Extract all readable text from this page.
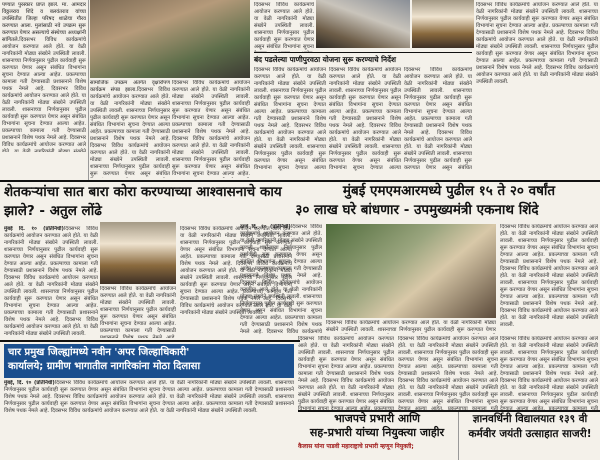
पण्यात पुरस्कार प्राप्त झाले. मा. आमदार विठ्ठलराव शिंदे व बलवंतराव यांच्या उपस्थितीत जिल्हा परिषद शाळेचा गौरव करण्यात आला. मुलांसाठी नवे उपक्रम सुरू करण्यात येणार असल्याचे संस्थेच्या अध्यक्षांनी सांगितले. दिवसभर विविध कार्यक्रमांचे आयोजन करण्यात आले होते. या वेळी नागरिकांनी मोठ्या संख्येने उपस्थिती लावली. शासनाच्या निर्णयानुसार पुढील कार्यवाही सुरू करण्यात येणार असून संबंधित विभागांना सूचना देण्यात आल्या आहेत. प्रकल्पाच्या कामाला गती देण्यासाठी प्रशासनाने विशेष पथक नेमले आहे. दिवसभर विविध कार्यक्रमांचे आयोजन करण्यात आले होते. या वेळी नागरिकांनी मोठ्या संख्येने उपस्थिती लावली. शासनाच्या निर्णयानुसार पुढील कार्यवाही सुरू करण्यात येणार असून संबंधित विभागांना सूचना देण्यात आल्या आहेत. प्रकल्पाच्या कामाला गती देण्यासाठी प्रशासनाने विशेष पथक नेमले आहे. दिवसभर विविध कार्यक्रमांचे आयोजन करण्यात आले होते. या वेळी नागरिकांनी मोठ्या संख्येने उपस्थिती लावली.
सामाजिक उपक्रम अंतर्गत वृक्षारोपण कार्यक्रम संपन्न झाला. दिवसभर विविध कार्यक्रमांचे आयोजन करण्यात आले होते. या वेळी नागरिकांनी मोठ्या संख्येने उपस्थिती लावली. शासनाच्या निर्णयानुसार पुढील कार्यवाही सुरू करण्यात येणार असून संबंधित विभागांना सूचना देण्यात आल्या आहेत. प्रकल्पाच्या कामाला गती देण्यासाठी प्रशासनाने विशेष पथक नेमले आहे. दिवसभर विविध कार्यक्रमांचे आयोजन करण्यात आले होते. या वेळी नागरिकांनी मोठ्या संख्येने उपस्थिती लावली. शासनाच्या निर्णयानुसार पुढील कार्यवाही सुरू करण्यात येणार असून संबंधित विभागांना सूचना देण्यात आल्या आहेत. प्रकल्पाच्या कामाला गती देण्यासाठी प्रशासनाने विशेष पथक नेमले आहे. दिवसभर विविध कार्यक्रमांचे आयोजन करण्यात आले होते. या वेळी नागरिकांनी मोठ्या संख्येने उपस्थिती लावली.
दिवसभर विविध कार्यक्रमांचे आयोजन करण्यात आले होते. या वेळी नागरिकांनी मोठ्या संख्येने उपस्थिती लावली. शासनाच्या निर्णयानुसार पुढील कार्यवाही सुरू करण्यात येणार असून संबंधित विभागांना सूचना देण्यात आल्या आहेत. प्रकल्पाच्या कामाला गती देण्यासाठी प्रशासनाने विशेष पथक नेमले आहे. दिवसभर विविध कार्यक्रमांचे आयोजन करण्यात आले होते. या वेळी नागरिकांनी मोठ्या संख्येने उपस्थिती लावली. शासनाच्या निर्णयानुसार पुढील कार्यवाही सुरू करण्यात येणार असून संबंधित विभागांना सूचना देण्यात आल्या आहेत. प्रकल्पाच्या कामाला गती देण्यासाठी प्रशासनाने विशेष पथक नेमले आहे. दिवसभर विविध कार्यक्रमांचे आयोजन करण्यात आले होते. या वेळी नागरिकांनी मोठ्या संख्येने उपस्थिती लावली.
दिवसभर विविध कार्यक्रमांचे आयोजन करण्यात आले होते. या वेळी नागरिकांनी मोठ्या संख्येने उपस्थिती लावली. शासनाच्या निर्णयानुसार पुढील कार्यवाही सुरू करण्यात येणार असून संबंधित विभागांना सूचना देण्यात आल्या आहेत. प्रकल्पाच्या कामाला गती देण्यासाठी प्रशासनाने विशेष पथक नेमले आहे. दिवसभर विविध कार्यक्रमांचे आयोजन करण्यात आले होते. या वेळी नागरिकांनी मोठ्या संख्येने उपस्थिती लावली. शासनाच्या निर्णयानुसार पुढील कार्यवाही सुरू करण्यात येणार असून संबंधित विभागांना सूचना देण्यात आल्या आहेत. प्रकल्पाच्या कामाला गती देण्यासाठी प्रशासनाने विशेष पथक नेमले आहे. दिवसभर विविध कार्यक्रमांचे आयोजन करण्यात आले होते. या वेळी नागरिकांनी मोठ्या संख्येने उपस्थिती लावली.
दिवसभर विविध कार्यक्रमांचे आयोजन करण्यात आले होते. या वेळी नागरिकांनी मोठ्या संख्येने उपस्थिती लावली. शासनाच्या निर्णयानुसार पुढील कार्यवाही सुरू करण्यात येणार असून संबंधित विभागांना सूचना देण्यात आल्या आहेत. प्रकल्पाच्या कामाला गती देण्यासाठी प्रशासनाने विशेष पथक नेमले आहे. दिवसभर विविध कार्यक्रमांचे आयोजन करण्यात आले होते. या वेळी नागरिकांनी मोठ्या संख्येने उपस्थिती लावली. शासनाच्या निर्णयानुसार पुढील कार्यवाही सुरू करण्यात येणार असून संबंधित विभागांना सूचना देण्यात आल्या आहेत. प्रकल्पाच्या कामाला गती देण्यासाठी प्रशासनाने विशेष पथक नेमले आहे. दिवसभर विविध कार्यक्रमांचे आयोजन करण्यात आले होते. या वेळी नागरिकांनी मोठ्या संख्येने उपस्थिती लावली.
बंद पडलेल्या पाणीपुरवठा योजना सुरू करण्याचे निर्देश
दिवसभर विविध कार्यक्रमांचे आयोजन करण्यात आले होते. या वेळी नागरिकांनी मोठ्या संख्येने उपस्थिती लावली. शासनाच्या निर्णयानुसार पुढील कार्यवाही सुरू करण्यात येणार असून संबंधित विभागांना सूचना देण्यात आल्या आहेत. प्रकल्पाच्या कामाला गती देण्यासाठी प्रशासनाने विशेष पथक नेमले आहे. दिवसभर विविध कार्यक्रमांचे आयोजन करण्यात आले होते. या वेळी नागरिकांनी मोठ्या संख्येने उपस्थिती लावली. शासनाच्या निर्णयानुसार पुढील कार्यवाही सुरू करण्यात येणार असून संबंधित विभागांना सूचना देण्यात आल्या आहेत. प्रकल्पाच्या कामाला गती देण्यासाठी प्रशासनाने विशेष पथक नेमले आहे. दिवसभर विविध कार्यक्रमांचे आयोजन करण्यात आले होते. या वेळी नागरिकांनी मोठ्या संख्येने उपस्थिती लावली.
दिवसभर विविध कार्यक्रमांचे आयोजन करण्यात आले होते. या वेळी नागरिकांनी मोठ्या संख्येने उपस्थिती लावली. शासनाच्या निर्णयानुसार पुढील कार्यवाही सुरू करण्यात येणार असून संबंधित विभागांना सूचना देण्यात आल्या आहेत. प्रकल्पाच्या कामाला गती देण्यासाठी प्रशासनाने विशेष पथक नेमले आहे. दिवसभर विविध कार्यक्रमांचे आयोजन करण्यात आले होते. या वेळी नागरिकांनी मोठ्या संख्येने उपस्थिती लावली. शासनाच्या निर्णयानुसार पुढील कार्यवाही सुरू करण्यात येणार असून संबंधित विभागांना सूचना देण्यात आल्या आहेत. प्रकल्पाच्या कामाला गती देण्यासाठी प्रशासनाने विशेष पथक नेमले आहे. दिवसभर विविध कार्यक्रमांचे आयोजन करण्यात आले होते. या वेळी नागरिकांनी मोठ्या संख्येने उपस्थिती लावली.
दिवसभर विविध कार्यक्रमांचे आयोजन करण्यात आले होते. या वेळी नागरिकांनी मोठ्या संख्येने उपस्थिती लावली. शासनाच्या निर्णयानुसार पुढील कार्यवाही सुरू करण्यात येणार असून संबंधित विभागांना सूचना देण्यात आल्या आहेत. प्रकल्पाच्या कामाला गती देण्यासाठी प्रशासनाने विशेष पथक नेमले आहे. दिवसभर विविध कार्यक्रमांचे आयोजन करण्यात आले होते. या वेळी नागरिकांनी मोठ्या संख्येने उपस्थिती लावली. शासनाच्या निर्णयानुसार पुढील कार्यवाही सुरू करण्यात येणार असून संबंधित विभागांना सूचना देण्यात आल्या आहेत. प्रकल्पाच्या कामाला गती देण्यासाठी प्रशासनाने विशेष पथक नेमले आहे. दिवसभर विविध कार्यक्रमांचे आयोजन करण्यात आले होते. या वेळी नागरिकांनी मोठ्या संख्येने उपस्थिती लावली.
शेतकऱ्यांचा सात बारा कोरा करण्याच्या आश्वासनाचे काय झाले? - अतुल लोंढे
मुंबई दि. १० (प्रतिनिधी) दिवसभर विविध कार्यक्रमांचे आयोजन करण्यात आले होते. या वेळी नागरिकांनी मोठ्या संख्येने उपस्थिती लावली. शासनाच्या निर्णयानुसार पुढील कार्यवाही सुरू करण्यात येणार असून संबंधित विभागांना सूचना देण्यात आल्या आहेत. प्रकल्पाच्या कामाला गती देण्यासाठी प्रशासनाने विशेष पथक नेमले आहे. दिवसभर विविध कार्यक्रमांचे आयोजन करण्यात आले होते. या वेळी नागरिकांनी मोठ्या संख्येने उपस्थिती लावली. शासनाच्या निर्णयानुसार पुढील कार्यवाही सुरू करण्यात येणार असून संबंधित विभागांना सूचना देण्यात आल्या आहेत. प्रकल्पाच्या कामाला गती देण्यासाठी प्रशासनाने विशेष पथक नेमले आहे. दिवसभर विविध कार्यक्रमांचे आयोजन करण्यात आले होते. या वेळी नागरिकांनी मोठ्या संख्येने उपस्थिती लावली.
दिवसभर विविध कार्यक्रमांचे आयोजन करण्यात आले होते. या वेळी नागरिकांनी मोठ्या संख्येने उपस्थिती लावली. शासनाच्या निर्णयानुसार पुढील कार्यवाही सुरू करण्यात येणार असून संबंधित विभागांना सूचना देण्यात आल्या आहेत. प्रकल्पाच्या कामाला गती देण्यासाठी प्रशासनाने विशेष पथक नेमले आहे. दिवसभर विविध कार्यक्रमांचे आयोजन करण्यात आले होते. या वेळी नागरिकांनी मोठ्या संख्येने उपस्थिती लावली. शासनाच्या निर्णयानुसार पुढील कार्यवाही सुरू करण्यात येणार असून संबंधित विभागांना सूचना देण्यात आल्या आहेत. प्रकल्पाच्या कामाला गती देण्यासाठी प्रशासनाने विशेष पथक नेमले आहे. दिवसभर विविध कार्यक्रमांचे आयोजन करण्यात आले होते. या वेळी नागरिकांनी मोठ्या संख्येने उपस्थिती लावली.
दिवसभर विविध कार्यक्रमांचे आयोजन करण्यात आले होते. या वेळी नागरिकांनी मोठ्या संख्येने उपस्थिती लावली. शासनाच्या निर्णयानुसार पुढील कार्यवाही सुरू करण्यात येणार असून संबंधित विभागांना सूचना देण्यात आल्या आहेत. प्रकल्पाच्या कामाला गती देण्यासाठी प्रशासनाने विशेष पथक नेमले आहे. दिवसभर विविध कार्यक्रमांचे आयोजन करण्यात आले होते. या वेळी नागरिकांनी मोठ्या संख्येने उपस्थिती लावली. शासनाच्या निर्णयानुसार पुढील कार्यवाही सुरू करण्यात येणार असून संबंधित विभागांना सूचना देण्यात आल्या आहेत. प्रकल्पाच्या कामाला गती देण्यासाठी प्रशासनाने विशेष पथक नेमले आहे. दिवसभर विविध कार्यक्रमांचे आयोजन करण्यात आले होते. या वेळी नागरिकांनी मोठ्या संख्येने उपस्थिती लावली.
मुंबई एमएमआरमध्ये पुढील १५ ते २० वर्षांत
३० लाख घरे बांधणार - उपमुख्यमंत्री एकनाथ शिंदे
ठाणे दि. १० (प्रतिनिधी) दिवसभर विविध कार्यक्रमांचे आयोजन करण्यात आले होते. या वेळी नागरिकांनी मोठ्या संख्येने उपस्थिती लावली. शासनाच्या निर्णयानुसार पुढील कार्यवाही सुरू करण्यात येणार असून संबंधित विभागांना सूचना देण्यात आल्या आहेत. प्रकल्पाच्या कामाला गती देण्यासाठी प्रशासनाने विशेष पथक नेमले आहे. दिवसभर विविध कार्यक्रमांचे आयोजन करण्यात आले होते. या वेळी नागरिकांनी मोठ्या संख्येने उपस्थिती लावली. शासनाच्या निर्णयानुसार पुढील कार्यवाही सुरू करण्यात येणार असून संबंधित विभागांना सूचना देण्यात आल्या आहेत. प्रकल्पाच्या कामाला गती देण्यासाठी प्रशासनाने विशेष पथक नेमले आहे. दिवसभर विविध कार्यक्रमांचे आयोजन करण्यात आले होते. या वेळी नागरिकांनी मोठ्या संख्येने उपस्थिती लावली.
दिवसभर विविध कार्यक्रमांचे आयोजन करण्यात आले होते. या वेळी नागरिकांनी मोठ्या संख्येने उपस्थिती लावली. शासनाच्या निर्णयानुसार पुढील कार्यवाही सुरू करण्यात येणार असून संबंधित विभागांना सूचना देण्यात आल्या आहेत. प्रकल्पाच्या कामाला गती देण्यासाठी प्रशासनाने विशेष पथक नेमले आहे. दिवसभर विविध कार्यक्रमांचे आयोजन करण्यात आले होते. या वेळी नागरिकांनी मोठ्या संख्येने उपस्थिती लावली. शासनाच्या निर्णयानुसार पुढील कार्यवाही सुरू करण्यात येणार असून संबंधित विभागांना सूचना देण्यात आल्या आहेत. प्रकल्पाच्या कामाला गती देण्यासाठी प्रशासनाने विशेष पथक नेमले आहे. दिवसभर विविध कार्यक्रमांचे आयोजन करण्यात आले होते. या वेळी नागरिकांनी मोठ्या संख्येने उपस्थिती लावली.
दिवसभर विविध कार्यक्रमांचे आयोजन करण्यात आले होते. या वेळी नागरिकांनी मोठ्या संख्येने उपस्थिती लावली. शासनाच्या निर्णयानुसार पुढील कार्यवाही सुरू करण्यात येणार असून संबंधित विभागांना सूचना देण्यात आल्या आहेत. प्रकल्पाच्या कामाला गती देण्यासाठी प्रशासनाने विशेष पथक नेमले आहे. दिवसभर विविध कार्यक्रमांचे आयोजन करण्यात आले होते. या वेळी नागरिकांनी मोठ्या संख्येने उपस्थिती लावली. शासनाच्या निर्णयानुसार पुढील कार्यवाही सुरू करण्यात येणार असून संबंधित विभागांना सूचना देण्यात आल्या आहेत. प्रकल्पाच्या कामाला गती देण्यासाठी प्रशासनाने विशेष पथक नेमले आहे. दिवसभर विविध कार्यक्रमांचे आयोजन करण्यात आले होते. या वेळी नागरिकांनी मोठ्या संख्येने उपस्थिती लावली.
चार प्रमुख जिल्ह्यांमध्ये नवीन 'अपर जिल्हाधिकारी'
कार्यालये; ग्रामीण भागातील नागरिकांना मोठा दिलासा
मुंबई, दि. १० (प्रतिनिधी) दिवसभर विविध कार्यक्रमांचे आयोजन करण्यात आले होते. या वेळी नागरिकांनी मोठ्या संख्येने उपस्थिती लावली. शासनाच्या निर्णयानुसार पुढील कार्यवाही सुरू करण्यात येणार असून संबंधित विभागांना सूचना देण्यात आल्या आहेत. प्रकल्पाच्या कामाला गती देण्यासाठी प्रशासनाने विशेष पथक नेमले आहे. दिवसभर विविध कार्यक्रमांचे आयोजन करण्यात आले होते. या वेळी नागरिकांनी मोठ्या संख्येने उपस्थिती लावली. शासनाच्या निर्णयानुसार पुढील कार्यवाही सुरू करण्यात येणार असून संबंधित विभागांना सूचना देण्यात आल्या आहेत. प्रकल्पाच्या कामाला गती देण्यासाठी प्रशासनाने विशेष पथक नेमले आहे. दिवसभर विविध कार्यक्रमांचे आयोजन करण्यात आले होते. या वेळी नागरिकांनी मोठ्या संख्येने उपस्थिती लावली.
दिवसभर विविध कार्यक्रमांचे आयोजन करण्यात आले होते. या वेळी नागरिकांनी मोठ्या संख्येने उपस्थिती लावली. शासनाच्या निर्णयानुसार पुढील कार्यवाही सुरू करण्यात येणार असून संबंधित विभागांना सूचना देण्यात आल्या आहेत. प्रकल्पाच्या कामाला गती देण्यासाठी प्रशासनाने विशेष पथक नेमले आहे. दिवसभर विविध कार्यक्रमांचे आयोजन करण्यात आले होते. या वेळी नागरिकांनी मोठ्या संख्येने उपस्थिती लावली. शासनाच्या निर्णयानुसार पुढील कार्यवाही सुरू करण्यात येणार असून संबंधित विभागांना सूचना देण्यात आल्या आहेत. प्रकल्पाच्या कामाला गती देण्यासाठी प्रशासनाने विशेष पथक नेमले आहे. दिवसभर विविध कार्यक्रमांचे आयोजन करण्यात आले होते. या वेळी नागरिकांनी मोठ्या संख्येने उपस्थिती लावली.
दिवसभर विविध कार्यक्रमांचे आयोजन करण्यात आले होते. या वेळी नागरिकांनी मोठ्या संख्येने उपस्थिती लावली. शासनाच्या निर्णयानुसार पुढील कार्यवाही सुरू करण्यात येणार असून संबंधित विभागांना सूचना देण्यात आल्या आहेत. प्रकल्पाच्या कामाला गती देण्यासाठी प्रशासनाने विशेष पथक नेमले आहे. दिवसभर विविध कार्यक्रमांचे आयोजन करण्यात आले होते. या वेळी नागरिकांनी मोठ्या संख्येने उपस्थिती लावली. शासनाच्या निर्णयानुसार पुढील कार्यवाही सुरू करण्यात येणार असून संबंधित विभागांना सूचना देण्यात आल्या आहेत. प्रकल्पाच्या कामाला गती देण्यासाठी प्रशासनाने विशेष पथक नेमले आहे. दिवसभर विविध कार्यक्रमांचे आयोजन करण्यात आले होते. या वेळी नागरिकांनी मोठ्या संख्येने उपस्थिती लावली.
दिवसभर विविध कार्यक्रमांचे आयोजन करण्यात आले होते. या वेळी नागरिकांनी मोठ्या संख्येने उपस्थिती लावली. शासनाच्या निर्णयानुसार पुढील कार्यवाही सुरू करण्यात येणार असून संबंधित विभागांना सूचना देण्यात आल्या आहेत. प्रकल्पाच्या कामाला गती देण्यासाठी प्रशासनाने विशेष पथक नेमले आहे. दिवसभर विविध कार्यक्रमांचे आयोजन करण्यात आले होते. या वेळी नागरिकांनी मोठ्या संख्येने उपस्थिती लावली. शासनाच्या निर्णयानुसार पुढील कार्यवाही सुरू करण्यात येणार असून संबंधित विभागांना सूचना देण्यात आल्या आहेत. प्रकल्पाच्या कामाला गती देण्यासाठी प्रशासनाने विशेष पथक नेमले आहे. दिवसभर विविध कार्यक्रमांचे आयोजन करण्यात आले होते. या वेळी नागरिकांनी मोठ्या संख्येने उपस्थिती लावली.
भाजपचे प्रभारी आणि
सह-प्रभारी यांच्या नियुक्त्या जाहीर
कैलास यांना पाडवी महाराष्ट्राचे प्रभारी म्हणून नियुक्ती;
ज्ञानवर्धिनी विद्यालयात १३९ वी
कर्मवीर जयंती उत्साहात साजरी!
